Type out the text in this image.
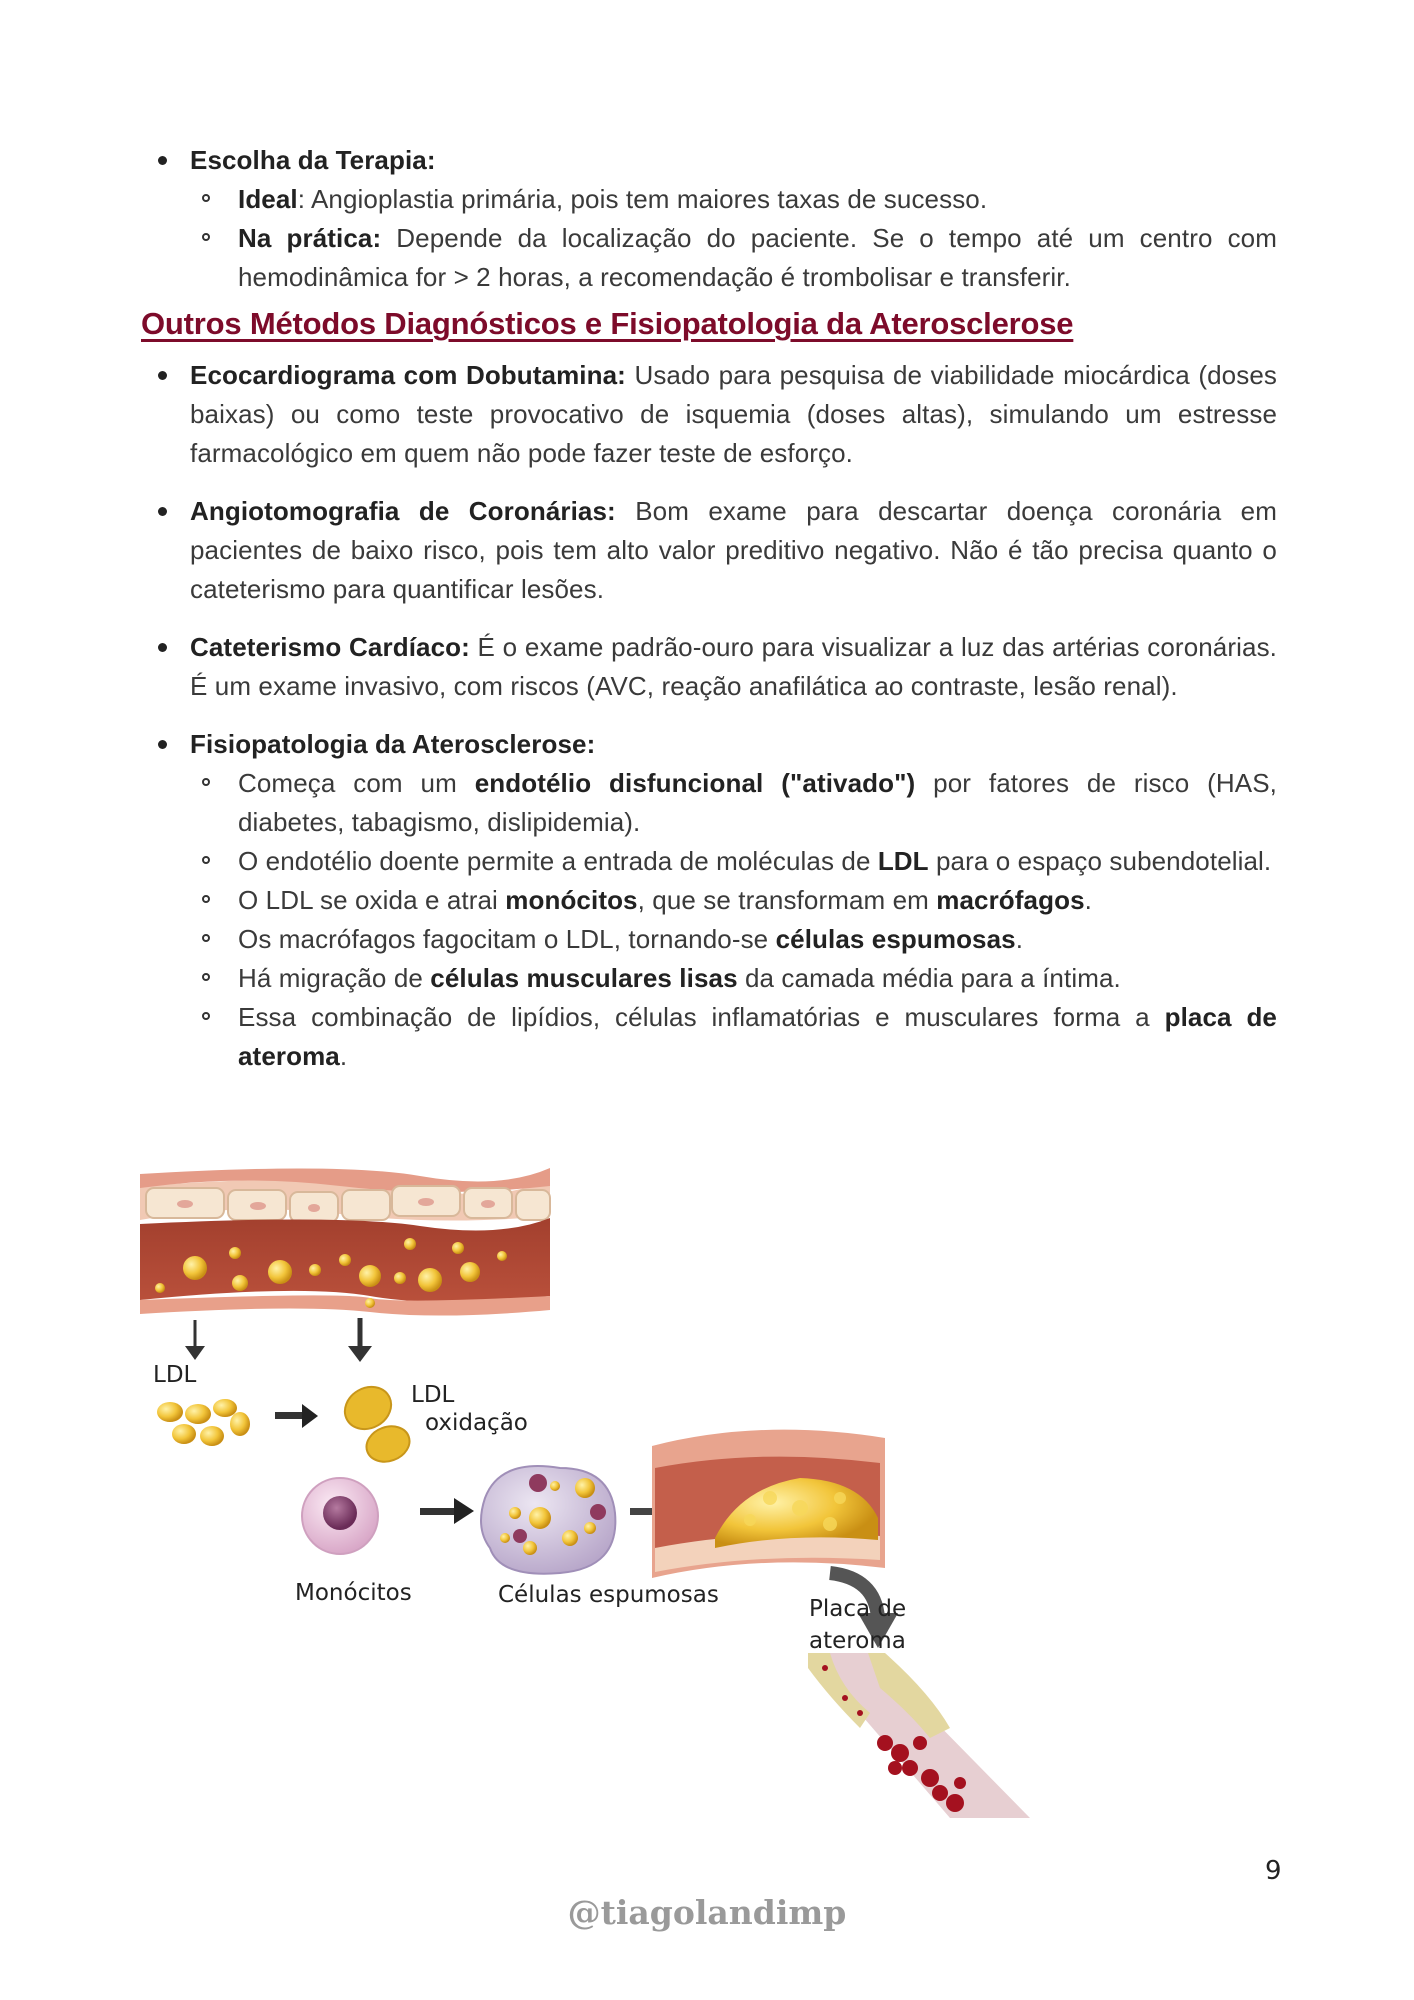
Escolha da Terapia:
Ideal: Angioplastia primária, pois tem maiores taxas de sucesso.
Na prática: Depende da localização do paciente. Se o tempo até um centro com hemodinâmica for > 2 horas, a recomendação é trombolisar e transferir.
Outros Métodos Diagnósticos e Fisiopatologia da Aterosclerose
Ecocardiograma com Dobutamina: Usado para pesquisa de viabilidade miocárdica (doses baixas) ou como teste provocativo de isquemia (doses altas), simulando um estresse farmacológico em quem não pode fazer teste de esforço.
Angiotomografia de Coronárias: Bom exame para descartar doença coronária em pacientes de baixo risco, pois tem alto valor preditivo negativo. Não é tão precisa quanto o cateterismo para quantificar lesões.
Cateterismo Cardíaco: É o exame padrão-ouro para visualizar a luz das artérias coronárias. É um exame invasivo, com riscos (AVC, reação anafilática ao contraste, lesão renal).
Fisiopatologia da Aterosclerose:
Começa com um endotélio disfuncional ("ativado") por fatores de risco (HAS, diabetes, tabagismo, dislipidemia).
O endotélio doente permite a entrada de moléculas de LDL para o espaço subendotelial.
O LDL se oxida e atrai monócitos, que se transformam em macrófagos.
Os macrófagos fagocitam o LDL, tornando-se células espumosas.
Há migração de células musculares lisas da camada média para a íntima.
Essa combinação de lipídios, células inflamatórias e musculares forma a placa de ateroma.
LDL
LDL
oxidação
Monócitos	Células espumosas
Placa de
ateroma
9
@tiagolandimp
